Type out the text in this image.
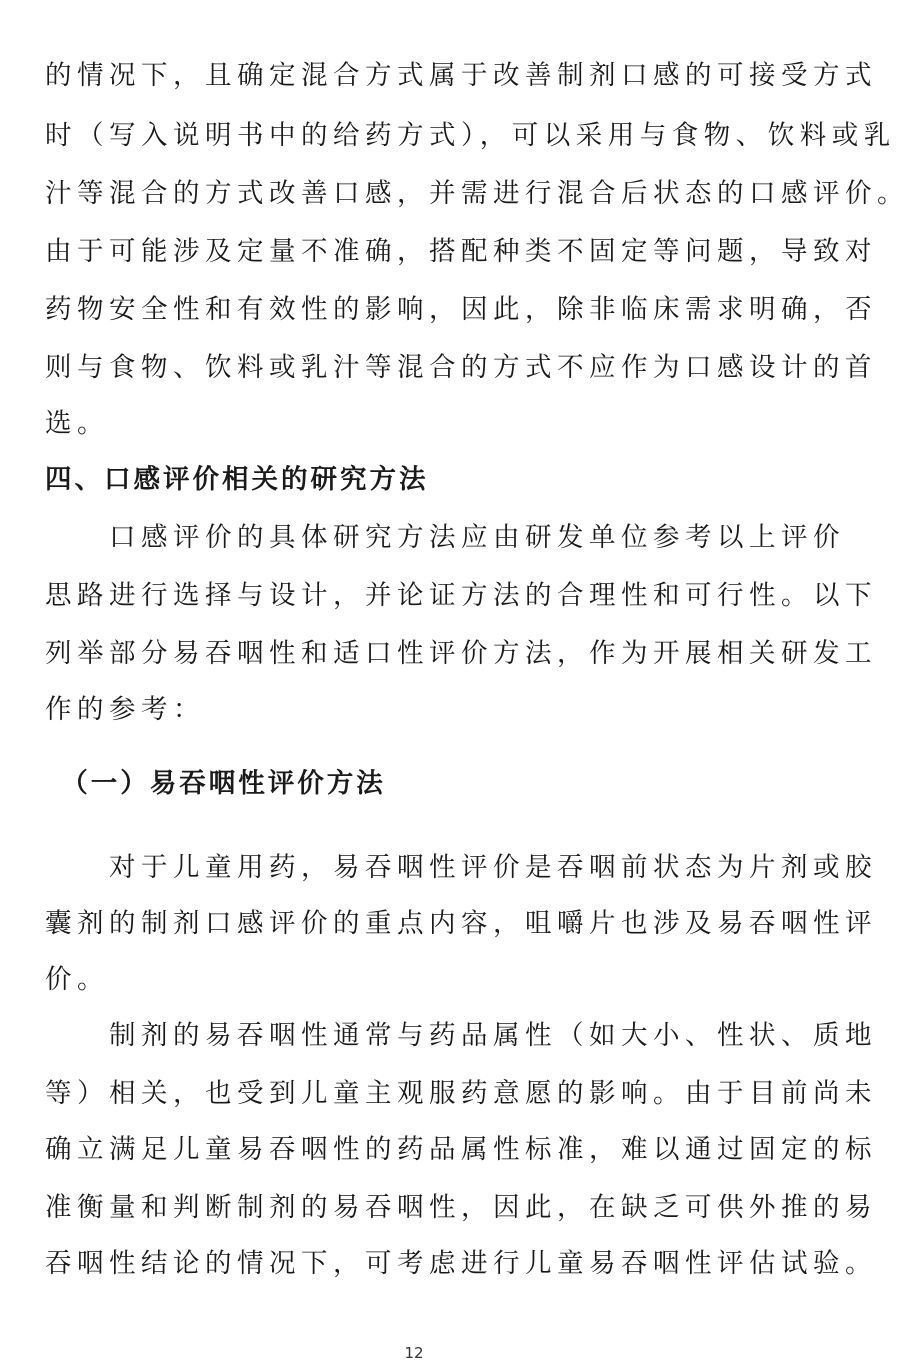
的情况下，且确定混合方式属于改善制剂口感的可接受方式
时（写入说明书中的给药方式），可以采用与食物、饮料或乳
汁等混合的方式改善口感，并需进行混合后状态的口感评价。
由于可能涉及定量不准确，搭配种类不固定等问题，导致对
药物安全性和有效性的影响，因此，除非临床需求明确，否
则与食物、饮料或乳汁等混合的方式不应作为口感设计的首
选。
四、口感评价相关的研究方法
　　口感评价的具体研究方法应由研发单位参考以上评价
思路进行选择与设计，并论证方法的合理性和可行性。以下
列举部分易吞咽性和适口性评价方法，作为开展相关研发工
作的参考：
　（一）易吞咽性评价方法
　　对于儿童用药，易吞咽性评价是吞咽前状态为片剂或胶
囊剂的制剂口感评价的重点内容，咀嚼片也涉及易吞咽性评
价。
　　制剂的易吞咽性通常与药品属性（如大小、性状、质地
等）相关，也受到儿童主观服药意愿的影响。由于目前尚未
确立满足儿童易吞咽性的药品属性标准，难以通过固定的标
准衡量和判断制剂的易吞咽性，因此，在缺乏可供外推的易
吞咽性结论的情况下，可考虑进行儿童易吞咽性评估试验。
12
